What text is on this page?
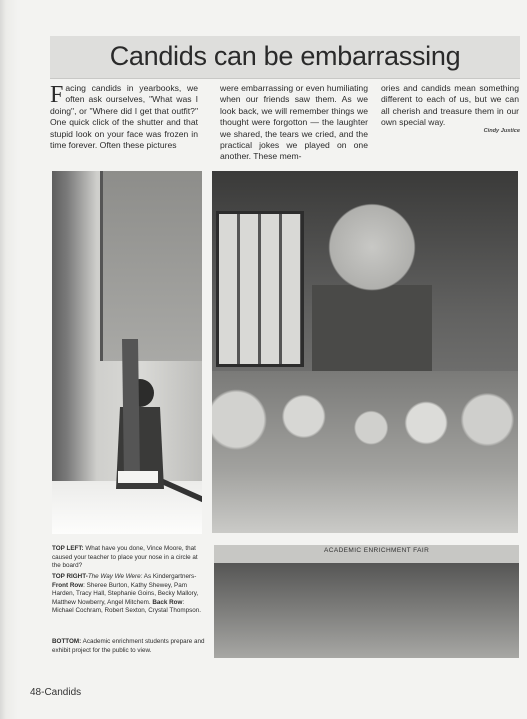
Candids can be embarrassing
Facing candids in yearbooks, we often ask ourselves, "What was I doing", or "Where did I get that outfit?" One quick click of the shutter and that stupid look on your face was frozen in time forever. Often these pictures
were embarrassing or even humiliating when our friends saw them. As we look back, we will remember things we thought were forgotton — the laughter we shared, the tears we cried, and the practical jokes we played on one another. These mem-
ories and candids mean something different to each of us, but we can all cherish and treasure them in our own special way.
Cindy Justice
ACADEMIC ENRICHMENT FAIR
TOP LEFT: What have you done, Vince Moore, that caused your teacher to place your nose in a circle at the board?
TOP RIGHT-The Way We Were: As Kindergartners-Front Row: Sheree Burton, Kathy Shewey, Pam Harden, Tracy Hall, Stephanie Goins, Becky Mallory, Matthew Nowberry, Angel Mitchem. Back Row: Michael Cochram, Robert Sexton, Crystal Thompson.
BOTTOM: Academic enrichment students prepare and exhibit project for the public to view.
48-Candids
